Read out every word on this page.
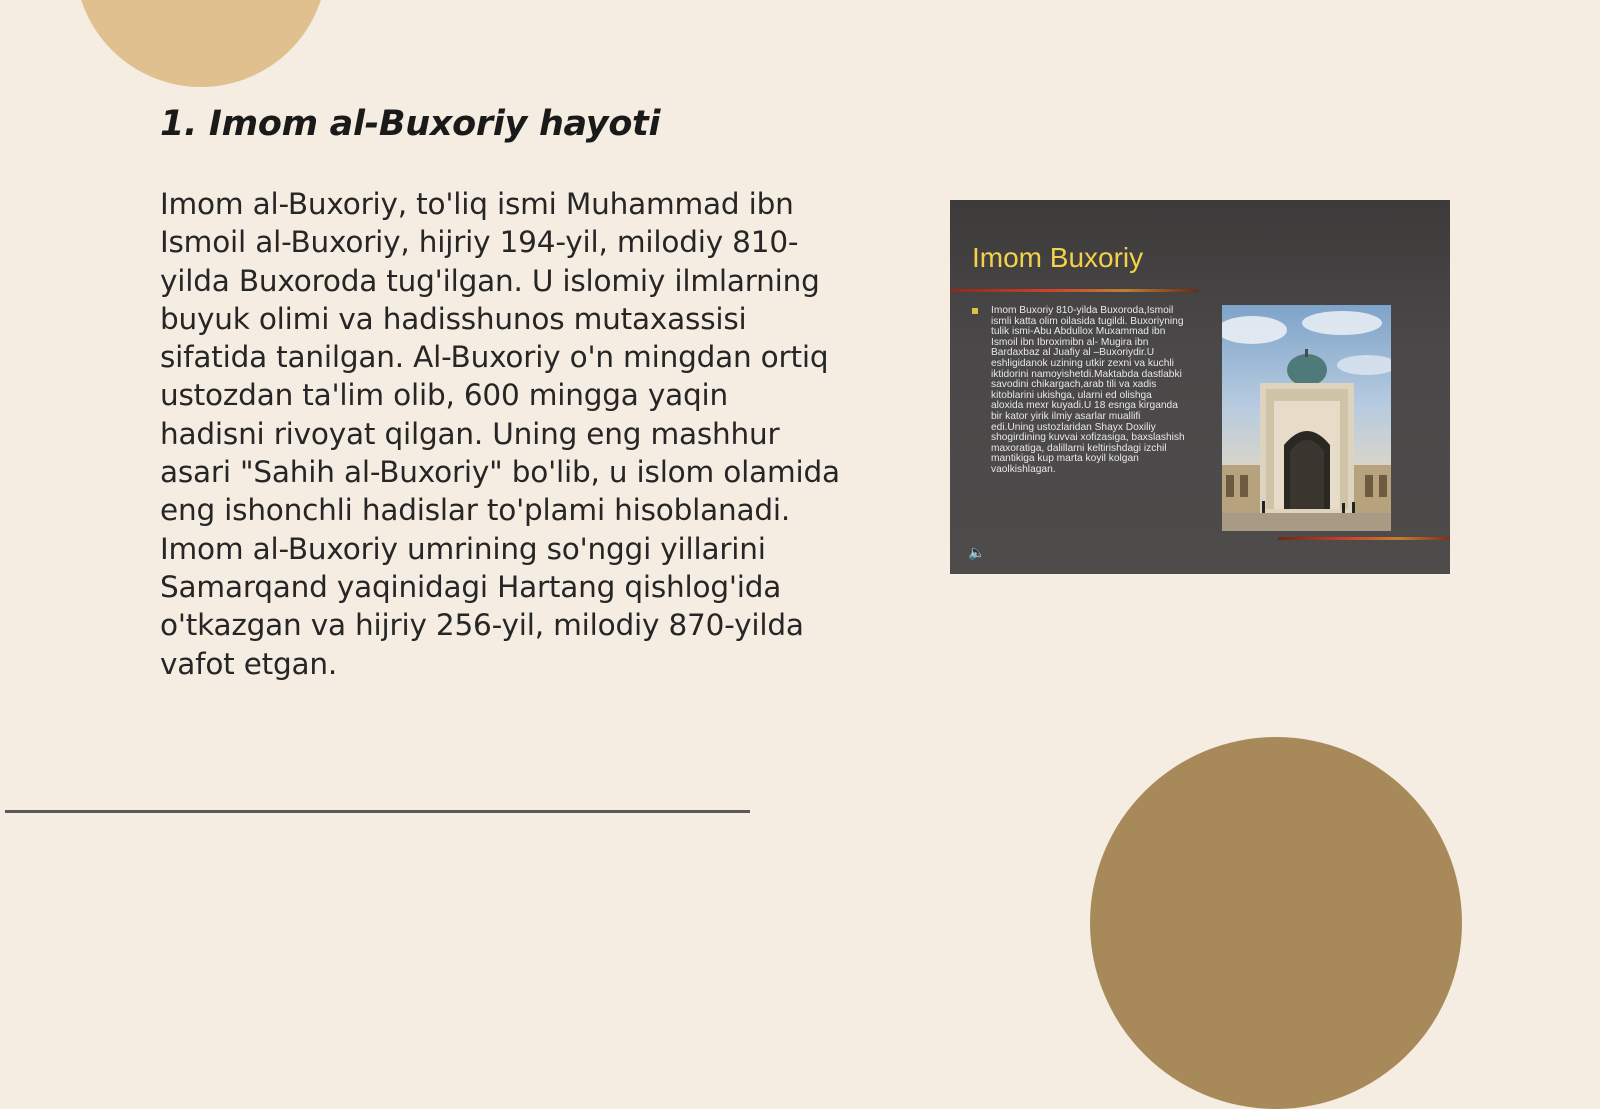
1. Imom al-Buxoriy hayoti

Imom al-Buxoriy, to'liq ismi Muhammad ibn Ismoil al-Buxoriy, hijriy 194-yil, milodiy 810-yilda Buxoroda tug'ilgan. U islomiy ilmlarning buyuk olimi va hadisshunos mutaxassisi sifatida tanilgan. Al-Buxoriy o'n mingdan ortiq ustozdan ta'lim olib, 600 mingga yaqin hadisni rivoyat qilgan. Uning eng mashhur asari "Sahih al-Buxoriy" bo'lib, u islom olamida eng ishonchli hadislar to'plami hisoblanadi. Imom al-Buxoriy umrining so'nggi yillarini Samarqand yaqinidagi Hartang qishlog'ida o'tkazgan va hijriy 256-yil, milodiy 870-yilda vafot etgan.

Imom Buxoriy
Imom Buxoriy 810-yilda Buxoroda,Ismoil ismli katta olim oilasida tugildi. Buxoriyning tulik ismi-Abu Abdulloх Muxammad ibn Ismoil ibn Ibroximibn al- Mugira ibn Bardaxbaz al Juafiy al –Buxoriydir.U eshligidanok uzining utkir zexni va kuchli iktidorini namoyishetdi.Maktabda dastlabki savodini chikargach,arab tili va xadis kitoblarini ukishga, ularni ed olishga aloxida mexr kuyadi.U 18 esnga kirganda bir kator yirik ilmiy asarlar muallifi edi.Uning ustozlaridan Shayx Doxiliy shogirdining kuvvai xofizasiga, baxslashish maxoratiga, dalillarni keltirishdagi izchil mantikiga kup marta koyil kolgan vaolkishlagan.
🔈
